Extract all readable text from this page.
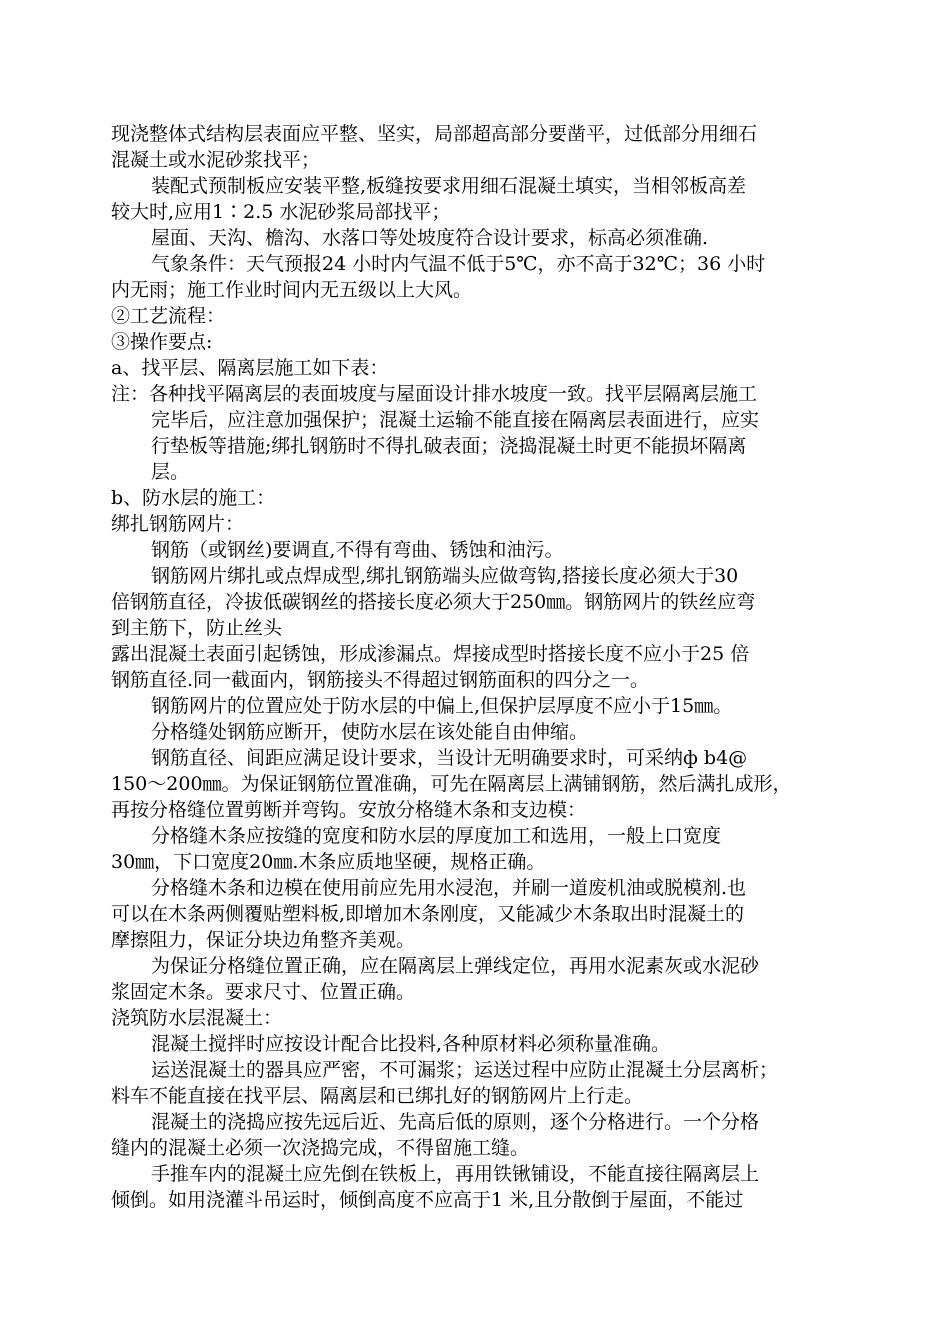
现浇整体式结构层表面应平整、坚实，局部超高部分要凿平，过低部分用细石
混凝土或水泥砂浆找平；
装配式预制板应安装平整,板缝按要求用细石混凝土填实，当相邻板高差
较大时,应用1∶2.5 水泥砂浆局部找平；
屋面、天沟、檐沟、水落口等处坡度符合设计要求，标高必须准确.
气象条件：天气预报24 小时内气温不低于5℃，亦不高于32℃；36 小时
内无雨；施工作业时间内无五级以上大风。
②工艺流程：
③操作要点:
a、找平层、隔离层施工如下表：
注：各种找平隔离层的表面坡度与屋面设计排水坡度一致。找平层隔离层施工
完毕后，应注意加强保护；混凝土运输不能直接在隔离层表面进行，应实
行垫板等措施;绑扎钢筋时不得扎破表面；浇捣混凝土时更不能损坏隔离
层。
b、防水层的施工：
绑扎钢筋网片：
钢筋（或钢丝)要调直,不得有弯曲、锈蚀和油污。
钢筋网片绑扎或点焊成型,绑扎钢筋端头应做弯钩,搭接长度必须大于30
倍钢筋直径，冷拔低碳钢丝的搭接长度必须大于250㎜。钢筋网片的铁丝应弯
到主筋下，防止丝头
露出混凝土表面引起锈蚀，形成渗漏点。焊接成型时搭接长度不应小于25 倍
钢筋直径.同一截面内，钢筋接头不得超过钢筋面积的四分之一。
钢筋网片的位置应处于防水层的中偏上,但保护层厚度不应小于15㎜。
分格缝处钢筋应断开，使防水层在该处能自由伸缩。
钢筋直径、间距应满足设计要求，当设计无明确要求时，可采纳ф b4@
150～200㎜。为保证钢筋位置准确，可先在隔离层上满铺钢筋，然后满扎成形，
再按分格缝位置剪断并弯钩。安放分格缝木条和支边模：
分格缝木条应按缝的宽度和防水层的厚度加工和选用，一般上口宽度
30㎜，下口宽度20㎜.木条应质地坚硬，规格正确。
分格缝木条和边模在使用前应先用水浸泡，并刷一道废机油或脱模剂.也
可以在木条两侧覆贴塑料板,即增加木条刚度，又能减少木条取出时混凝土的
摩擦阻力，保证分块边角整齐美观。
为保证分格缝位置正确，应在隔离层上弹线定位，再用水泥素灰或水泥砂
浆固定木条。要求尺寸、位置正确。
浇筑防水层混凝土：
混凝土搅拌时应按设计配合比投料,各种原材料必须称量准确。
运送混凝土的器具应严密，不可漏浆；运送过程中应防止混凝土分层离析；
料车不能直接在找平层、隔离层和已绑扎好的钢筋网片上行走。
混凝土的浇捣应按先远后近、先高后低的原则，逐个分格进行。一个分格
缝内的混凝土必须一次浇捣完成，不得留施工缝。
手推车内的混凝土应先倒在铁板上，再用铁锹铺设，不能直接往隔离层上
倾倒。如用浇灌斗吊运时，倾倒高度不应高于1 米,且分散倒于屋面，不能过
